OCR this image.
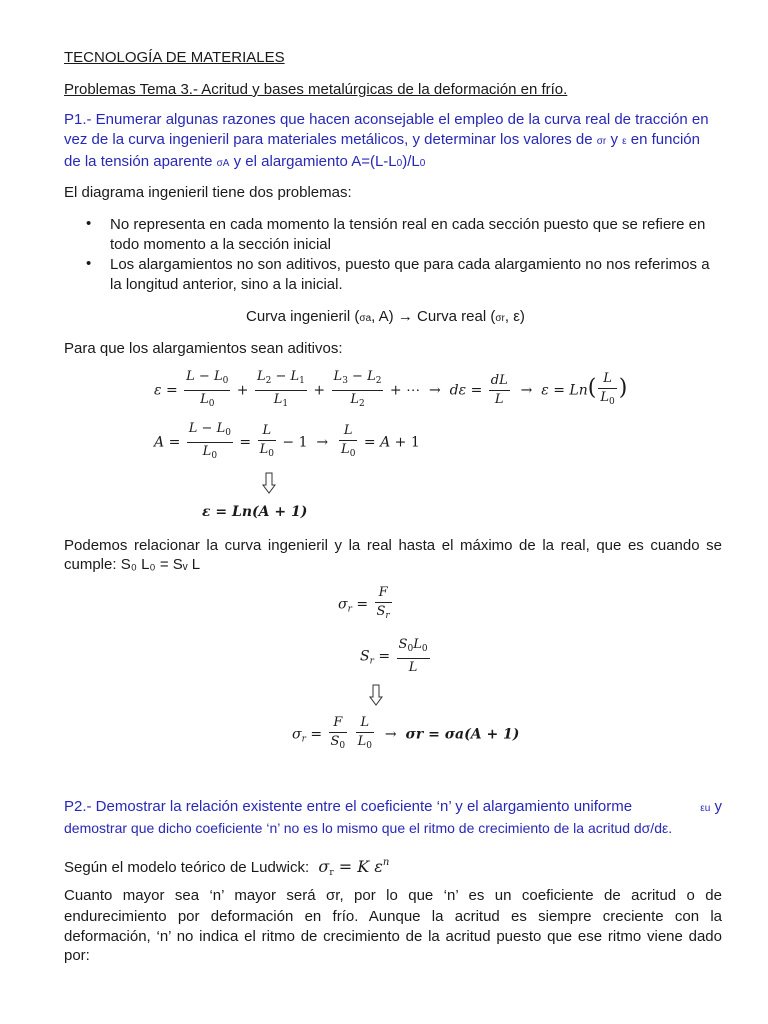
TECNOLOGÍA DE MATERIALES
Problemas Tema 3.- Acritud y bases metalúrgicas de la deformación en frío.
P1.- Enumerar algunas razones que hacen aconsejable el empleo de la curva real de tracción en
vez de la curva ingenieril para materiales metálicos, y determinar los valores de σr y ε en función
de la tensión aparente σA y el alargamiento A=(L-L0)/L0
El diagrama ingenieril tiene dos problemas:
• No representa en cada momento la tensión real en cada sección puesto que se refiere en todo momento a la sección inicial
• Los alargamientos no son aditivos, puesto que para cada alargamiento no nos referimos a la longitud anterior, sino a la inicial.
Curva ingenieril (σa, A) → Curva real (σr, ε)
Para que los alargamientos sean aditivos:
$\varepsilon = \frac{L - L_0}{L_0} + \frac{L_2 - L_1}{L_1} + \frac{L_3 - L_2}{L_2}$ + ⋯  →  $d\varepsilon = \frac{dL}{L} \to \varepsilon = Ln( \frac{L}{L_0}$ )
$A = \frac{L - L_0}{L_0} = \frac{L}{L_0} - 1 \to \frac{L}{L_0} = A + 1$
ε = Ln(A + 1)
Podemos relacionar la curva ingenieril y la real hasta el máximo de la real, que es cuando se
cumple: S₀ L₀ = Sᵥ L
$\sigma_r = \frac{F}{S_r}$
$S_r = \frac{S_0L_0}{L}$
$\sigma_r = \frac{F}{S_0}$
$\frac{L}{L_0} \to \sigma r = \sigma a(A + 1)$
P2.- Demostrar la relación existente entre el coeficiente ‘n’ y el alargamiento uniforme	εu y
demostrar que dicho coeficiente ‘n’ no es lo mismo que el ritmo de crecimiento de la acritud dσ/dε.
Según el modelo teórico de Ludwick:  $\sigma_r = K$ $\varepsilon^n$
Cuanto mayor sea ‘n’ mayor será σr, por lo que ‘n’ es un coeficiente de acritud o de
endurecimiento por deformación en frío. Aunque la acritud es siempre creciente con la
deformación, ‘n’ no indica el ritmo de crecimiento de la acritud puesto que ese ritmo viene dado
por:
